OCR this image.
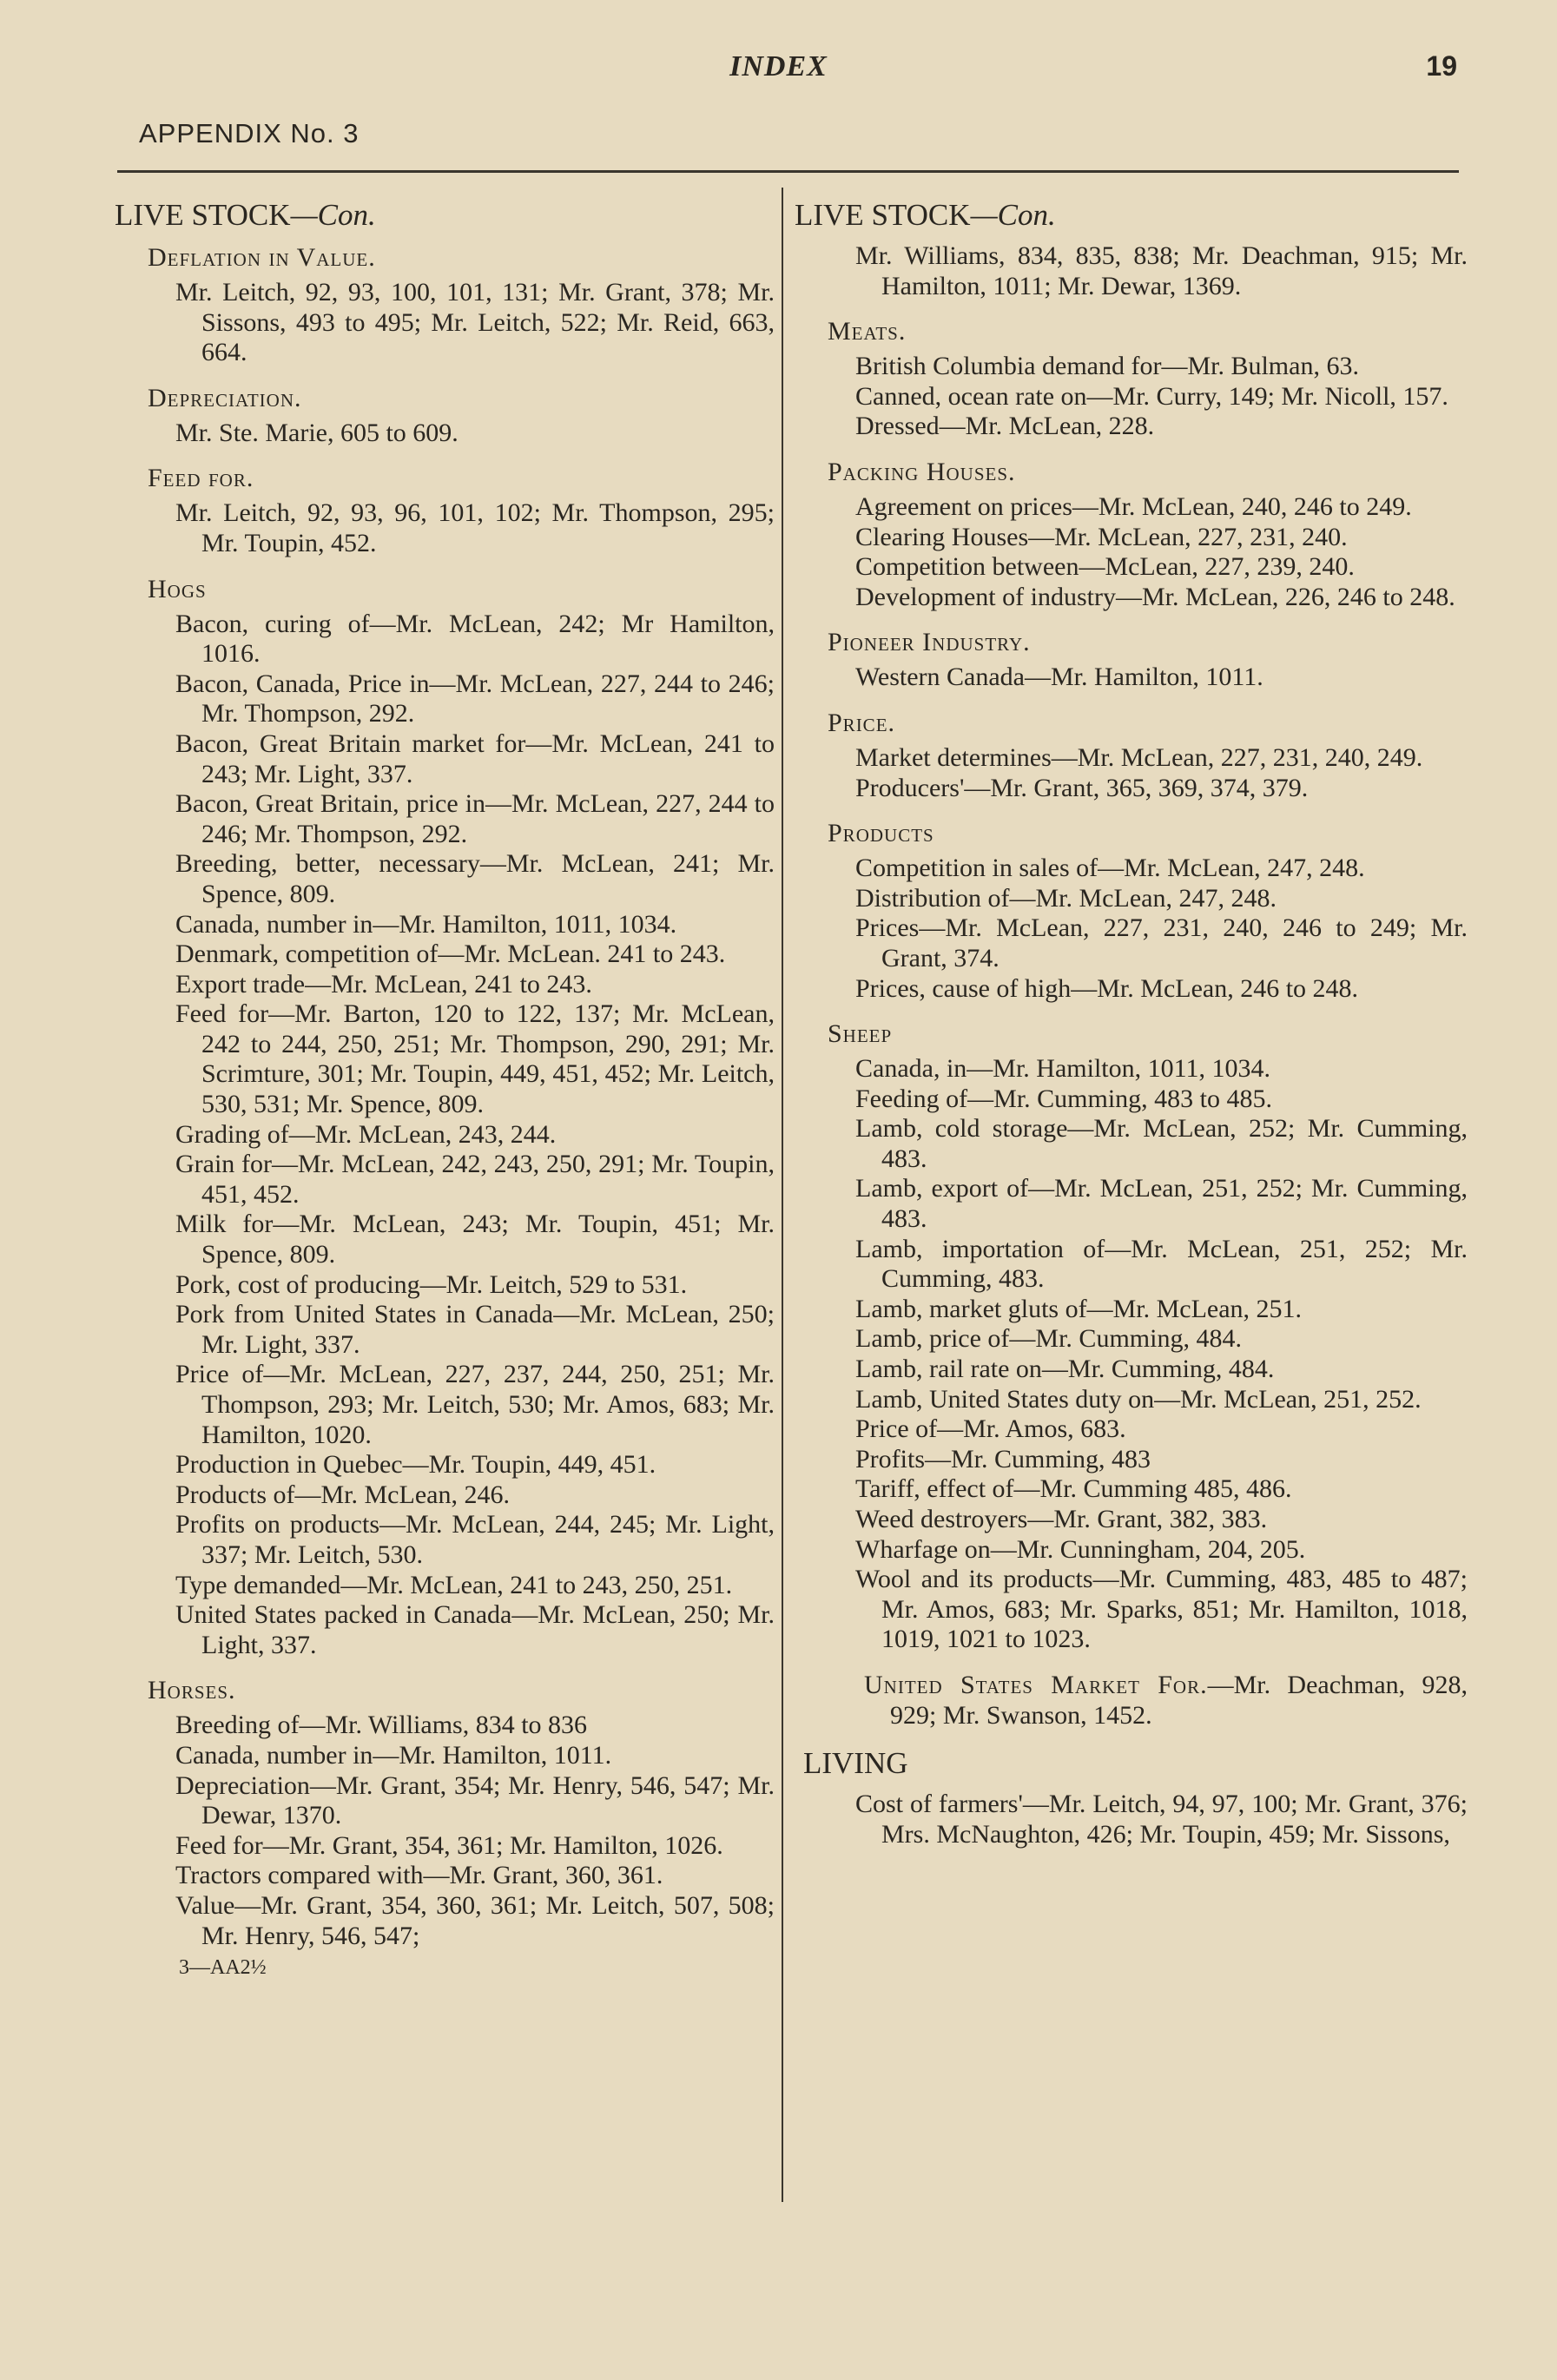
INDEX	19
APPENDIX No. 3
LIVE STOCK—Con.
Deflation in Value.
Mr. Leitch, 92, 93, 100, 101, 131; Mr. Grant, 378; Mr. Sissons, 493 to 495; Mr. Leitch, 522; Mr. Reid, 663, 664.
Depreciation.
Mr. Ste. Marie, 605 to 609.
Feed for.
Mr. Leitch, 92, 93, 96, 101, 102; Mr. Thompson, 295; Mr. Toupin, 452.
Hogs
Bacon, curing of—Mr. McLean, 242; Mr Hamilton, 1016.
Bacon, Canada, Price in—Mr. McLean, 227, 244 to 246; Mr. Thompson, 292.
Bacon, Great Britain market for—Mr. McLean, 241 to 243; Mr. Light, 337.
Bacon, Great Britain, price in—Mr. McLean, 227, 244 to 246; Mr. Thompson, 292.
Breeding, better, necessary—Mr. McLean, 241; Mr. Spence, 809.
Canada, number in—Mr. Hamilton, 1011, 1034.
Denmark, competition of—Mr. McLean. 241 to 243.
Export trade—Mr. McLean, 241 to 243.
Feed for—Mr. Barton, 120 to 122, 137; Mr. McLean, 242 to 244, 250, 251; Mr. Thompson, 290, 291; Mr. Scrimture, 301; Mr. Toupin, 449, 451, 452; Mr. Leitch, 530, 531; Mr. Spence, 809.
Grading of—Mr. McLean, 243, 244.
Grain for—Mr. McLean, 242, 243, 250, 291; Mr. Toupin, 451, 452.
Milk for—Mr. McLean, 243; Mr. Toupin, 451; Mr. Spence, 809.
Pork, cost of producing—Mr. Leitch, 529 to 531.
Pork from United States in Canada—Mr. McLean, 250; Mr. Light, 337.
Price of—Mr. McLean, 227, 237, 244, 250, 251; Mr. Thompson, 293; Mr. Leitch, 530; Mr. Amos, 683; Mr. Hamilton, 1020.
Production in Quebec—Mr. Toupin, 449, 451.
Products of—Mr. McLean, 246.
Profits on products—Mr. McLean, 244, 245; Mr. Light, 337; Mr. Leitch, 530.
Type demanded—Mr. McLean, 241 to 243, 250, 251.
United States packed in Canada—Mr. McLean, 250; Mr. Light, 337.
Horses.
Breeding of—Mr. Williams, 834 to 836
Canada, number in—Mr. Hamilton, 1011.
Depreciation—Mr. Grant, 354; Mr. Henry, 546, 547; Mr. Dewar, 1370.
Feed for—Mr. Grant, 354, 361; Mr. Hamilton, 1026.
Tractors compared with—Mr. Grant, 360, 361.
Value—Mr. Grant, 354, 360, 361; Mr. Leitch, 507, 508; Mr. Henry, 546, 547;
3—AA2½
LIVE STOCK—Con.
Mr. Williams, 834, 835, 838; Mr. Deachman, 915; Mr. Hamilton, 1011; Mr. Dewar, 1369.
Meats.
British Columbia demand for—Mr. Bulman, 63.
Canned, ocean rate on—Mr. Curry, 149; Mr. Nicoll, 157.
Dressed—Mr. McLean, 228.
Packing Houses.
Agreement on prices—Mr. McLean, 240, 246 to 249.
Clearing Houses—Mr. McLean, 227, 231, 240.
Competition between—McLean, 227, 239, 240.
Development of industry—Mr. McLean, 226, 246 to 248.
Pioneer Industry.
Western Canada—Mr. Hamilton, 1011.
Price.
Market determines—Mr. McLean, 227, 231, 240, 249.
Producers'—Mr. Grant, 365, 369, 374, 379.
Products
Competition in sales of—Mr. McLean, 247, 248.
Distribution of—Mr. McLean, 247, 248.
Prices—Mr. McLean, 227, 231, 240, 246 to 249; Mr. Grant, 374.
Prices, cause of high—Mr. McLean, 246 to 248.
Sheep
Canada, in—Mr. Hamilton, 1011, 1034.
Feeding of—Mr. Cumming, 483 to 485.
Lamb, cold storage—Mr. McLean, 252; Mr. Cumming, 483.
Lamb, export of—Mr. McLean, 251, 252; Mr. Cumming, 483.
Lamb, importation of—Mr. McLean, 251, 252; Mr. Cumming, 483.
Lamb, market gluts of—Mr. McLean, 251.
Lamb, price of—Mr. Cumming, 484.
Lamb, rail rate on—Mr. Cumming, 484.
Lamb, United States duty on—Mr. McLean, 251, 252.
Price of—Mr. Amos, 683.
Profits—Mr. Cumming, 483
Tariff, effect of—Mr. Cumming 485, 486.
Weed destroyers—Mr. Grant, 382, 383.
Wharfage on—Mr. Cunningham, 204, 205.
Wool and its products—Mr. Cumming, 483, 485 to 487; Mr. Amos, 683; Mr. Sparks, 851; Mr. Hamilton, 1018, 1019, 1021 to 1023.
United States Market For.—Mr. Deachman, 928, 929; Mr. Swanson, 1452.
LIVING
Cost of farmers'—Mr. Leitch, 94, 97, 100; Mr. Grant, 376; Mrs. McNaughton, 426; Mr. Toupin, 459; Mr. Sissons,
